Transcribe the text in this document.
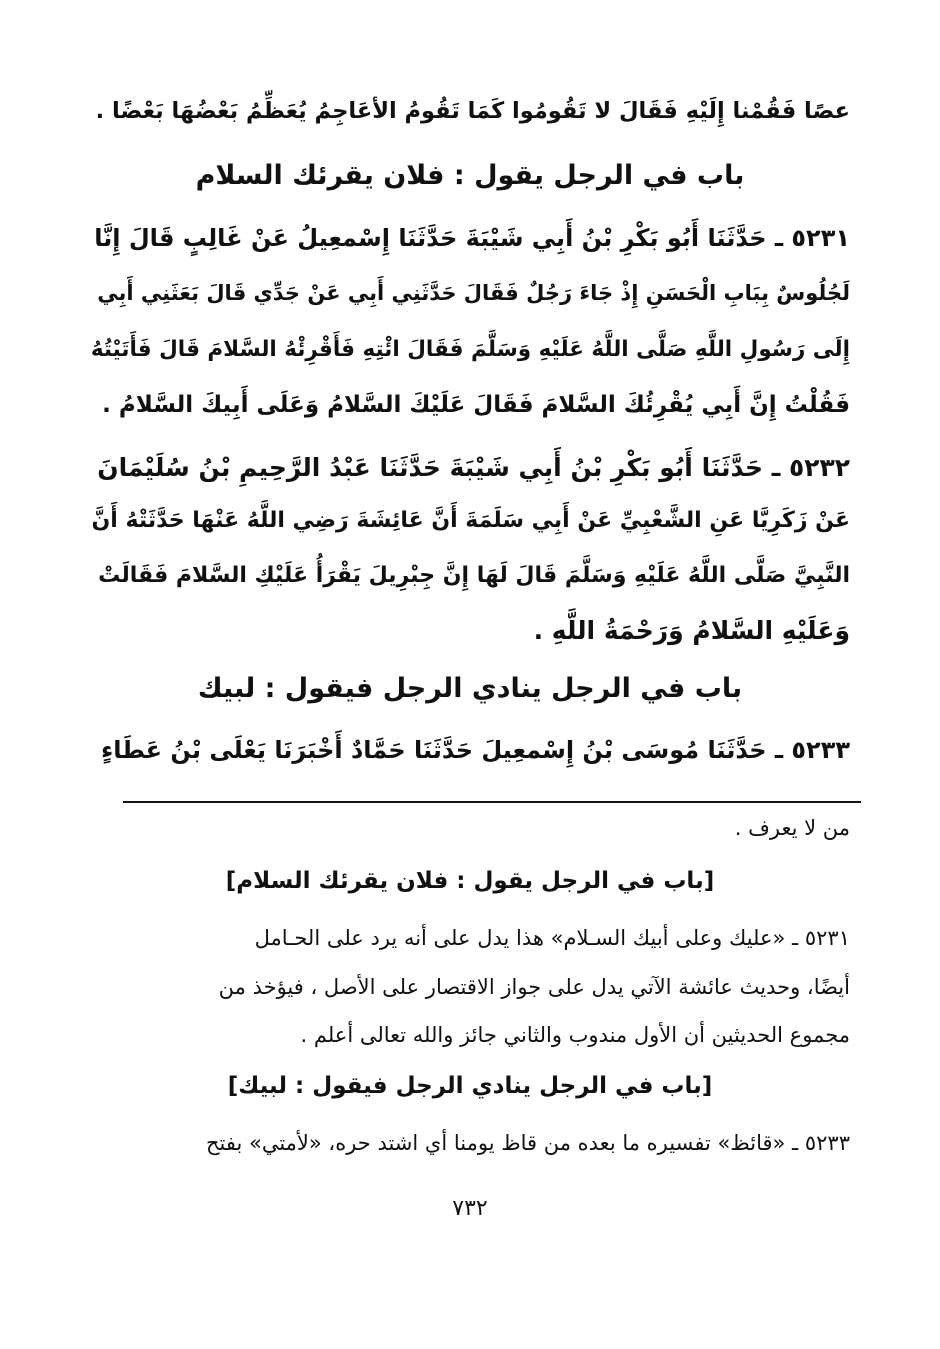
عصًا فَقُمْنا إِلَيْهِ فَقَالَ لا تَقُومُوا كَمَا تَقُومُ الأعَاجِمُ يُعَظِّمُ بَعْضُهَا بَعْضًا .
باب في الرجل يقول : فلان يقرئك السلام
٥٢٣١ ـ حَدَّثَنَا أَبُو بَكْرِ بْنُ أَبِي شَيْبَةَ حَدَّثَنَا إِسْمعِيلُ عَنْ غَالِبٍ قَالَ إِنَّا
لَجُلُوسٌ بِبَابِ الْحَسَنِ إِذْ جَاءَ رَجُلٌ فَقَالَ حَدَّثَنِي أَبِي عَنْ جَدِّي قَالَ بَعَثَنِي أَبِي
إِلَى رَسُولِ اللَّهِ صَلَّى اللَّهُ عَلَيْهِ وَسَلَّمَ فَقَالَ ائْتِهِ فَأَقْرِئْهُ السَّلامَ قَالَ فَأَتَيْتُهُ
فَقُلْتُ إِنَّ أَبِي يُقْرِئُكَ السَّلامَ فَقَالَ عَلَيْكَ السَّلامُ وَعَلَى أَبِيكَ السَّلامُ .
٥٢٣٢ ـ حَدَّثَنَا أَبُو بَكْرِ بْنُ أَبِي شَيْبَةَ حَدَّثَنَا عَبْدُ الرَّحِيمِ بْنُ سُلَيْمَانَ
عَنْ زَكَرِيَّا عَنِ الشَّعْبِيِّ عَنْ أَبِي سَلَمَةَ أَنَّ عَائِشَةَ رَضِي اللَّهُ عَنْهَا حَدَّثَتْهُ أَنَّ
النَّبِيَّ صَلَّى اللَّهُ عَلَيْهِ وَسَلَّمَ قَالَ لَهَا إِنَّ جِبْرِيلَ يَقْرَأُ عَلَيْكِ السَّلامَ فَقَالَتْ
وَعَلَيْهِ السَّلامُ وَرَحْمَةُ اللَّهِ .
باب في الرجل ينادي الرجل فيقول : لبيك
٥٢٣٣ ـ حَدَّثَنَا مُوسَى بْنُ إِسْمعِيلَ حَدَّثَنَا حَمَّادٌ أَخْبَرَنَا يَعْلَى بْنُ عَطَاءٍ
من لا يعرف .
[باب في الرجل يقول : فلان يقرئك السلام]
٥٢٣١ ـ «عليك وعلى أبيك السـلام» هذا يدل على أنه يرد على الحـامل
أيضًا، وحديث عائشة الآتي يدل على جواز الاقتصار على الأصل ، فيؤخذ من
مجموع الحديثين أن الأول مندوب والثاني جائز والله تعالى أعلم .
[باب في الرجل ينادي الرجل فيقول : لبيك]
٥٢٣٣ ـ «قائظ» تفسيره ما بعده من قاظ يومنا أي اشتد حره، «لأمتي» بفتح
٧٣٢
